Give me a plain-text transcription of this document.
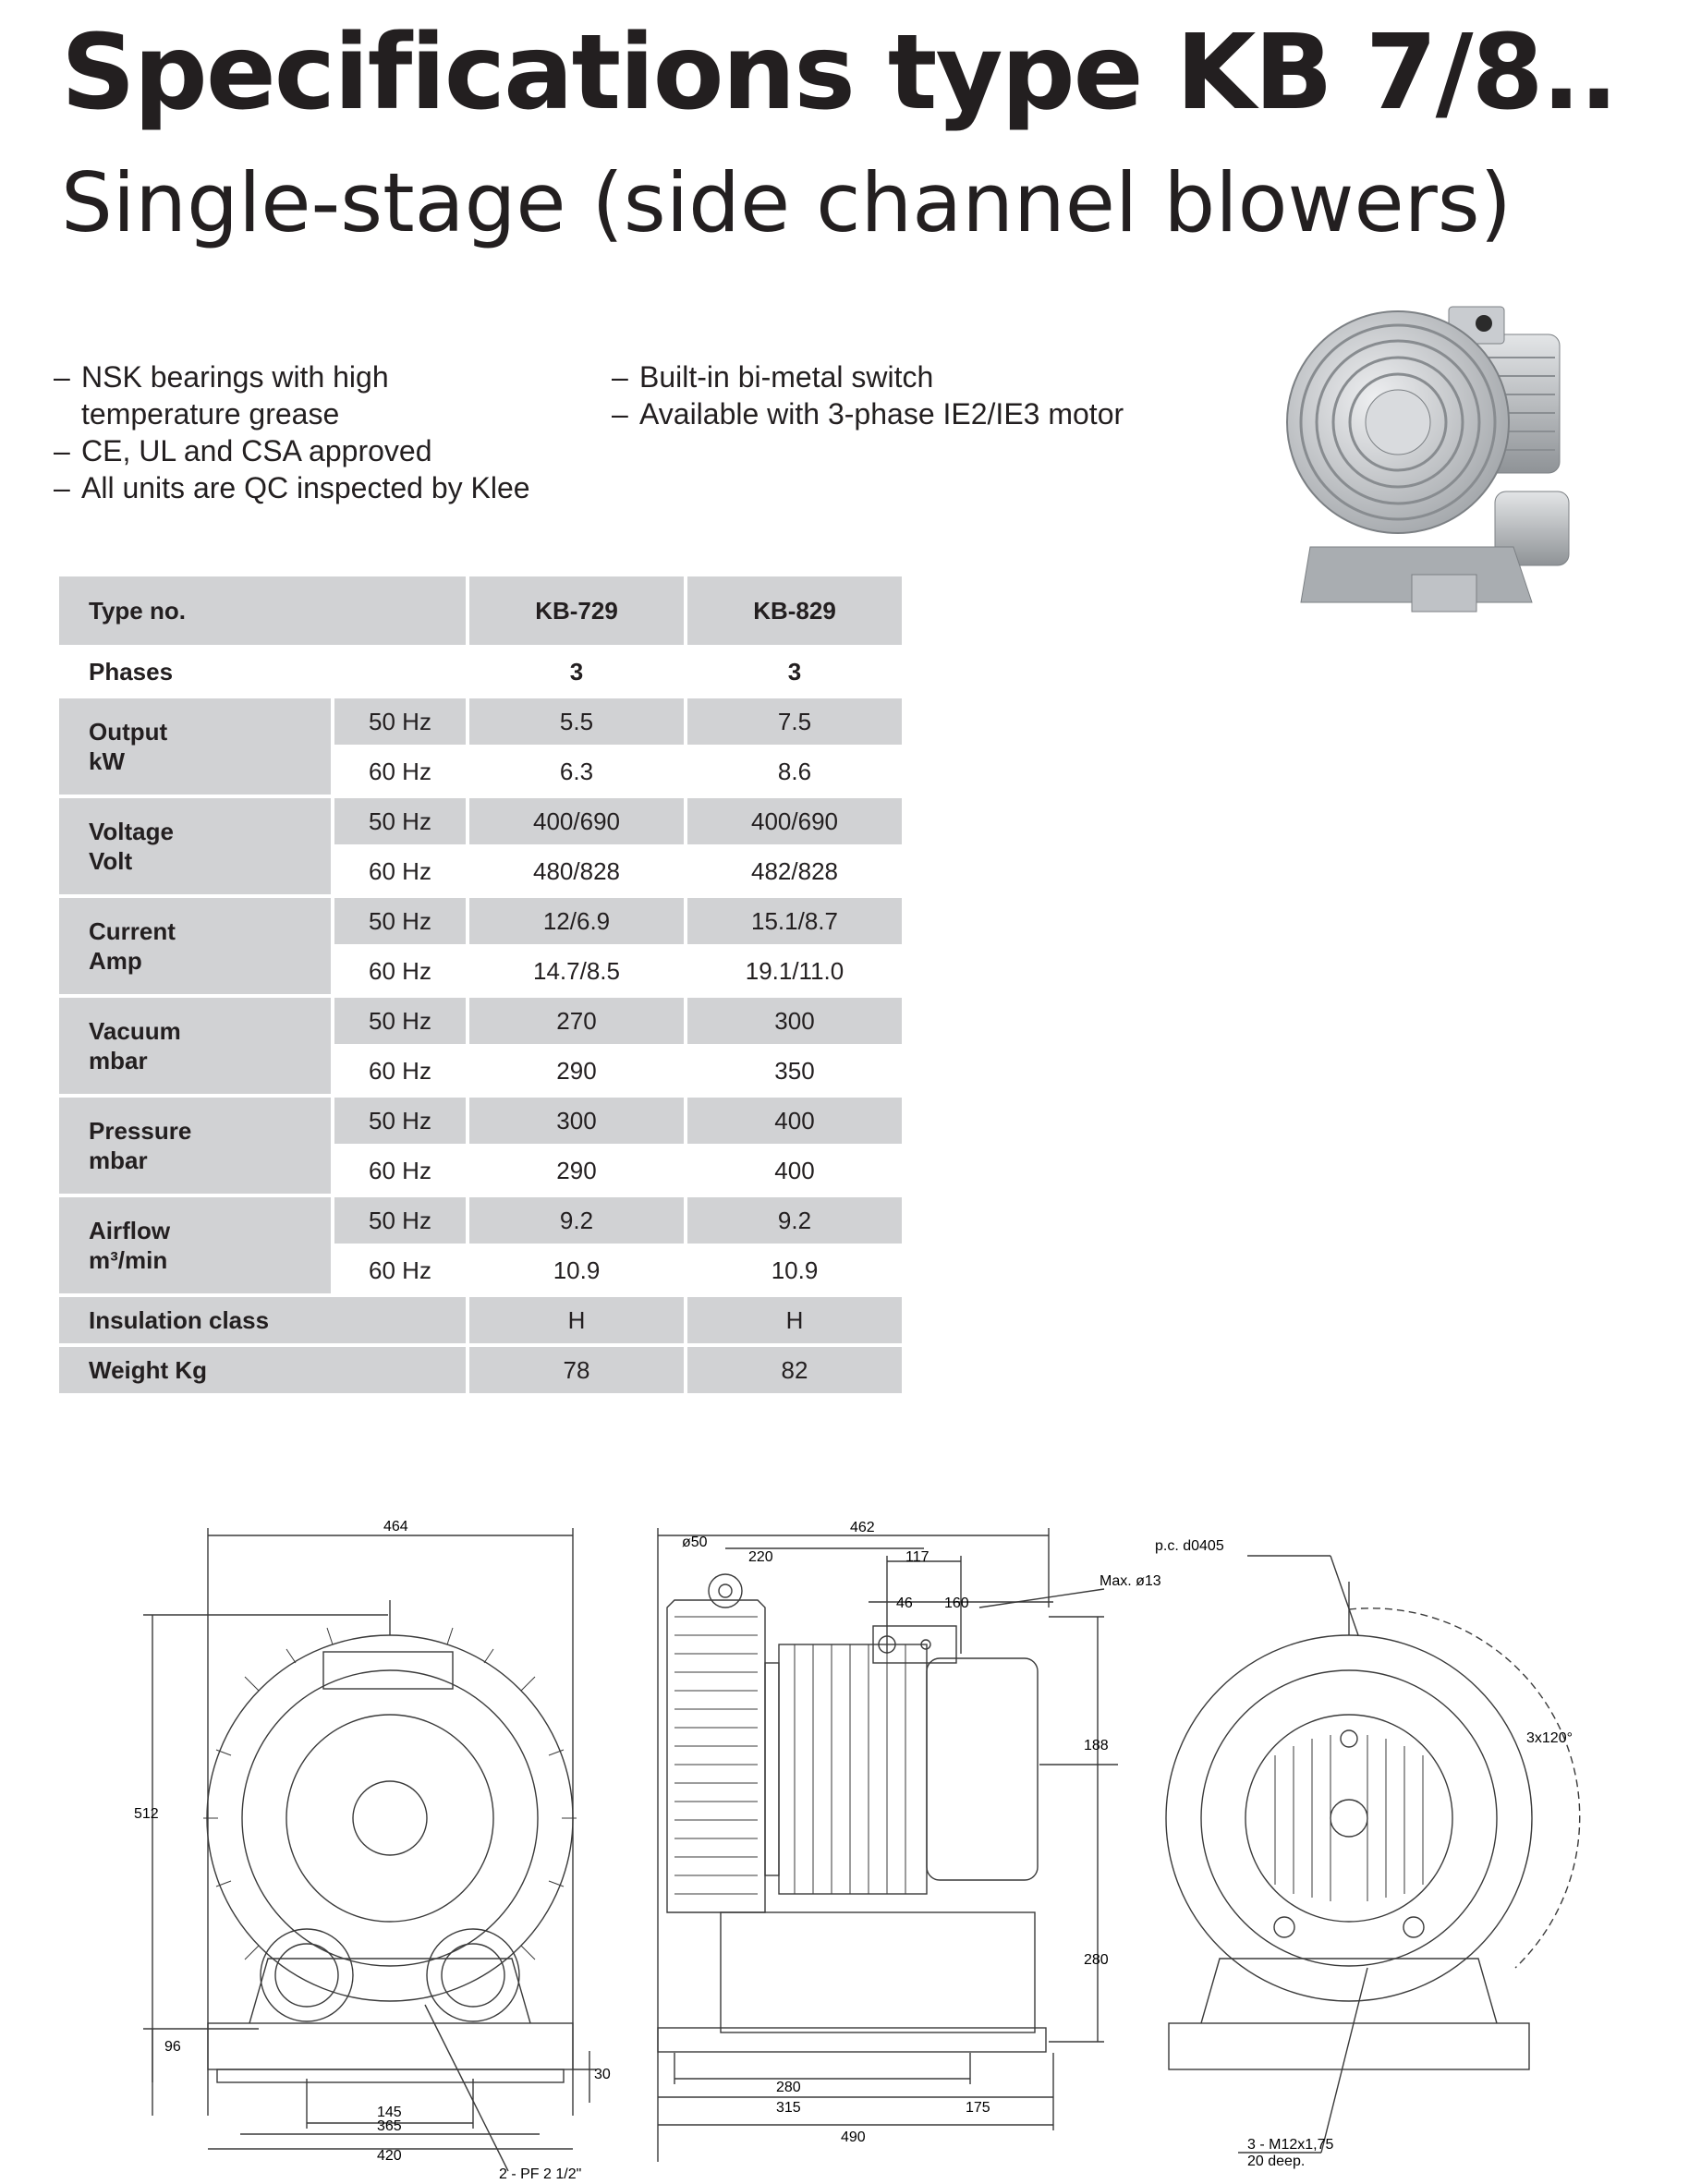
Specifications type KB 7/8..
Single-stage (side channel blowers)
– NSK bearings with high
temperature grease
– CE, UL and CSA approved
– All units are QC inspected by Klee
– Built-in bi-metal switch
– Available with 3-phase IE2/IE3 motor
Type no.		KB-729	KB-829
Phases		3	3
Output
kW	50 Hz	5.5	7.5
	60 Hz	6.3	8.6
Voltage
Volt	50 Hz	400/690	400/690
	60 Hz	480/828	482/828
Current
Amp	50 Hz	12/6.9	15.1/8.7
	60 Hz	14.7/8.5	19.1/11.0
Vacuum
mbar	50 Hz	270	300
	60 Hz	290	350
Pressure
mbar	50 Hz	300	400
	60 Hz	290	400
Airflow
m³/min	50 Hz	9.2	9.2
	60 Hz	10.9	10.9
Insulation class		H	H
Weight Kg		78	82
464
512
96
30
145
365
420
2 - PF 2 1/2"
462
ø50
220	117
46 160
Max. ø13
188
280
280
315	175
490
p.c. d0405
3x120°
3 - M12x1,75
20 deep.
